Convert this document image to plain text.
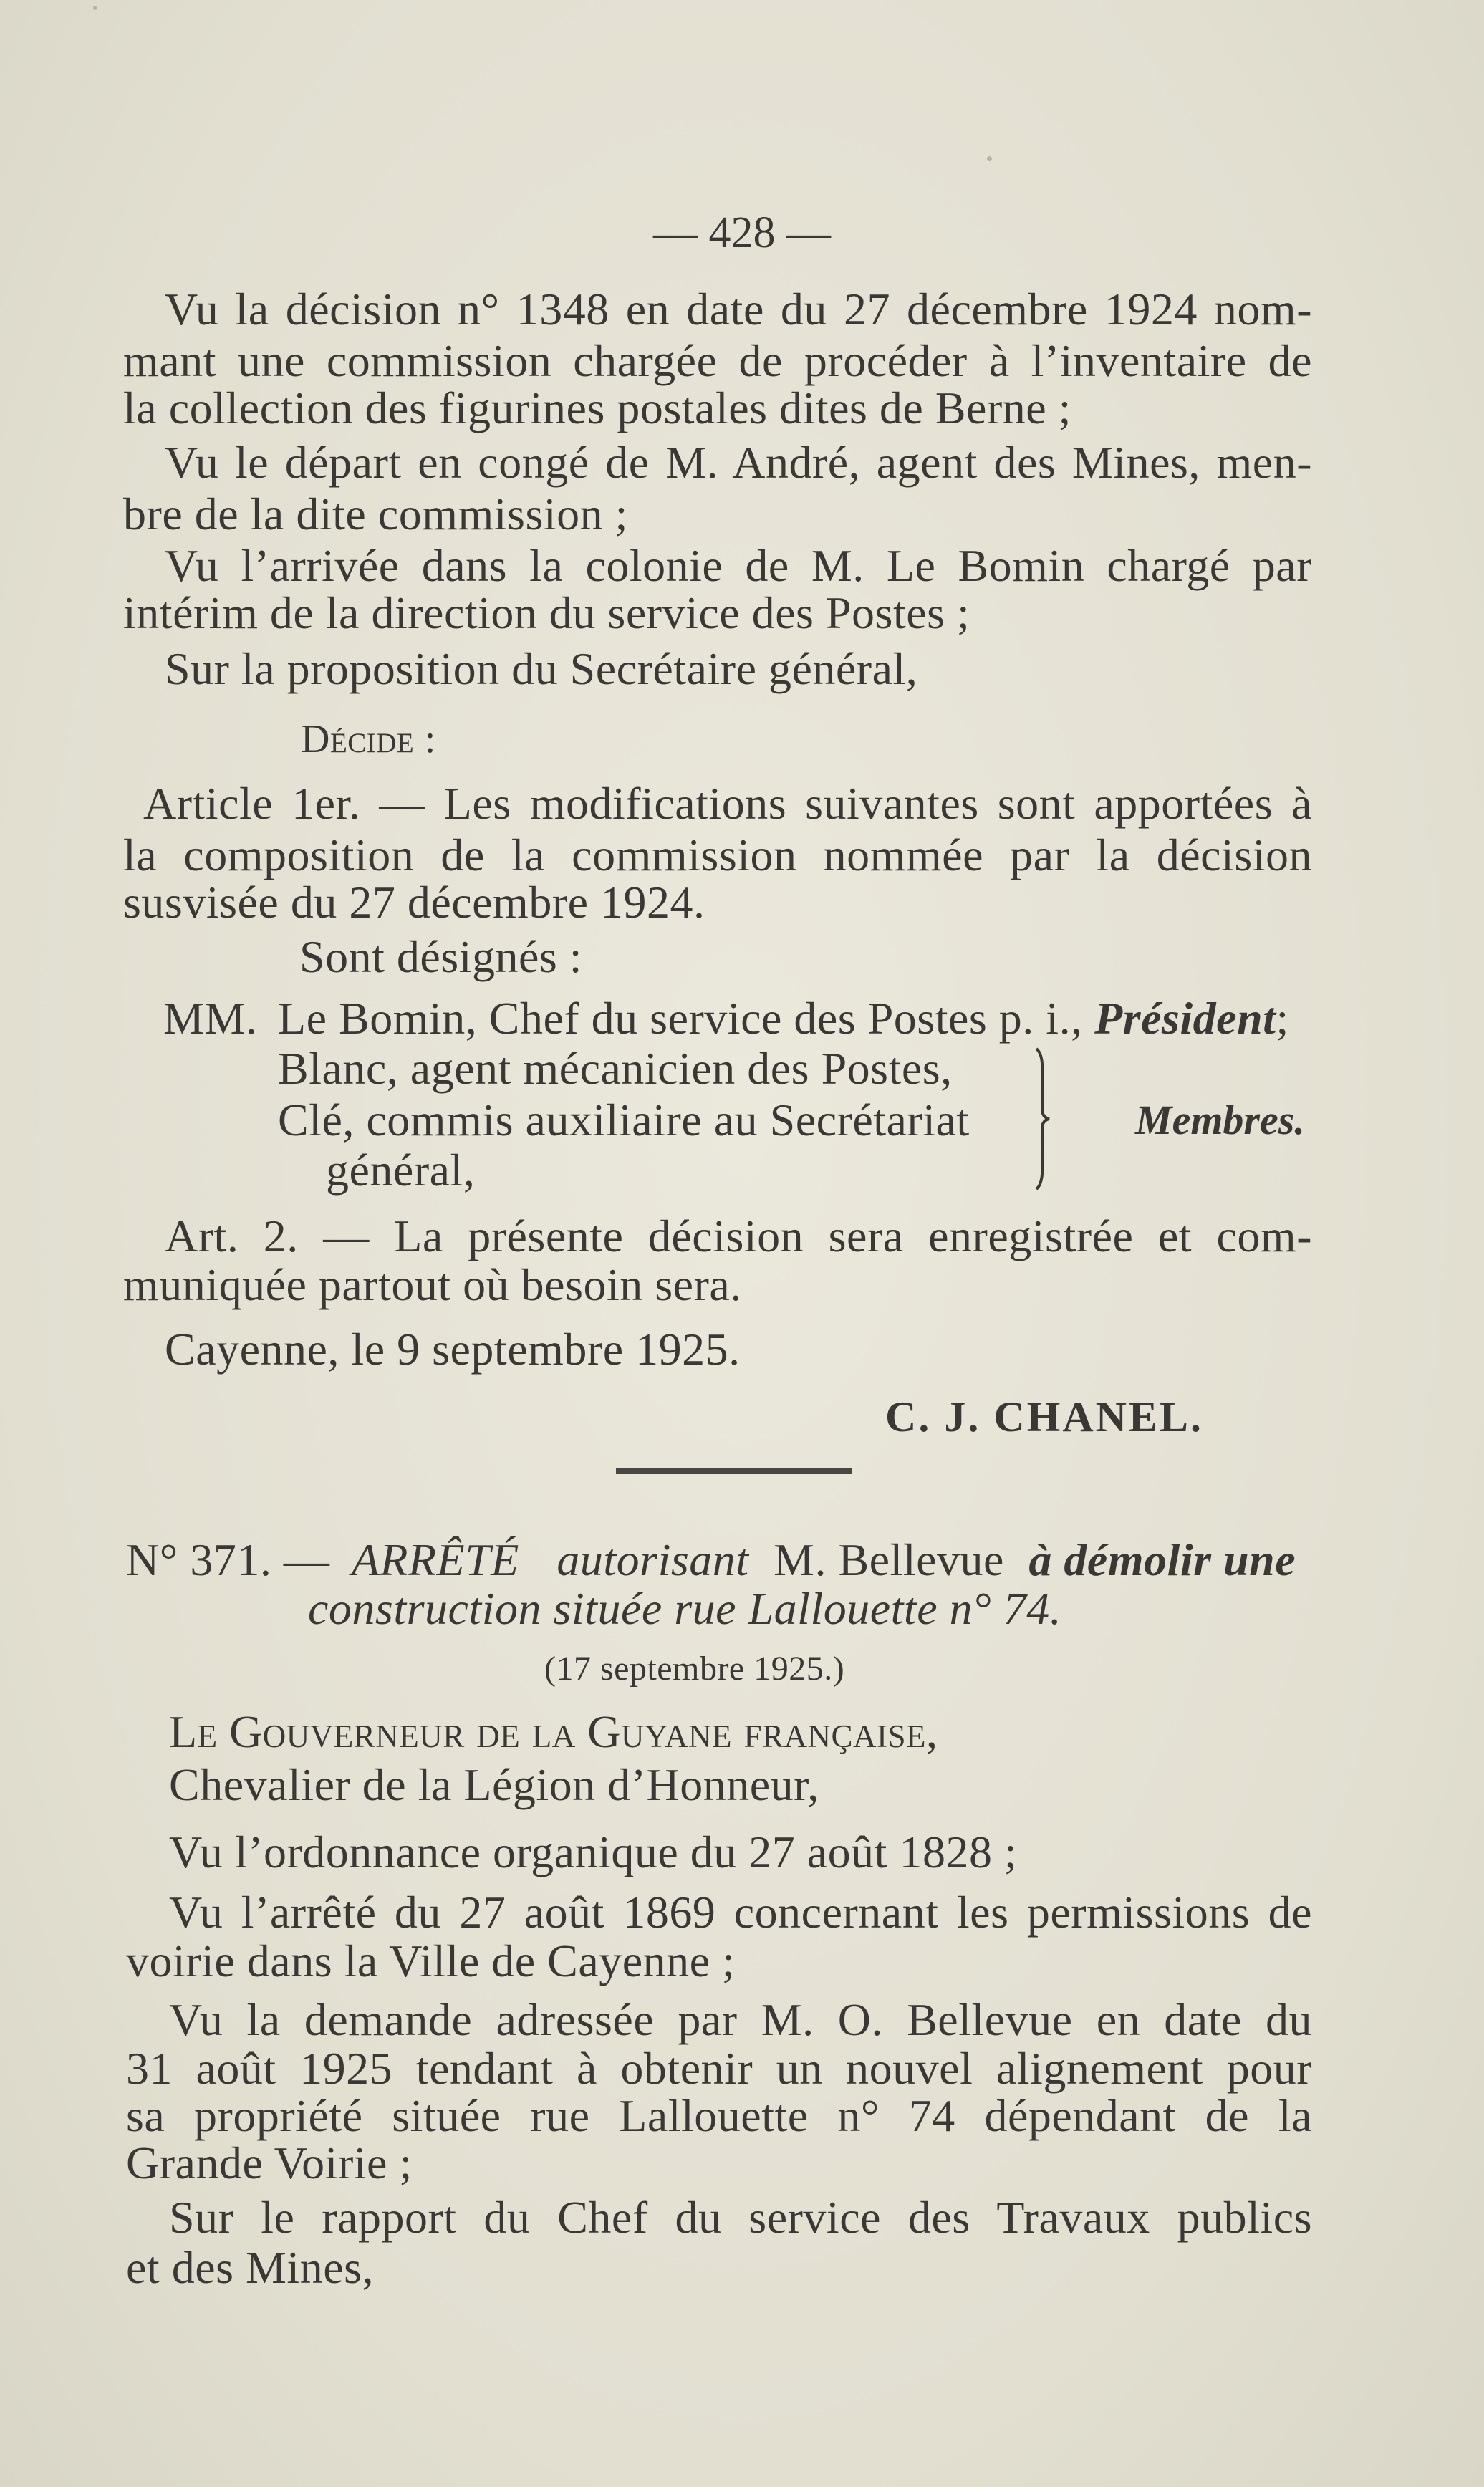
— 428 —
Vu la décision n° 1348 en date du 27 décembre 1924 nom-
mant une commission chargée de procéder à l’inventaire de
la collection des figurines postales dites de Berne ;
Vu le départ en congé de M. André, agent des Mines, men-
bre de la dite commission ;
Vu l’arrivée dans la colonie de M. Le Bomin chargé par
intérim de la direction du service des Postes ;
Sur la proposition du Secrétaire général,
Décide :
Article 1er. — Les modifications suivantes sont apportées à
la composition de la commission nommée par la décision
susvisée du 27 décembre 1924.
Sont désignés :
MM. Le Bomin, Chef du service des Postes p. i., Président;
Blanc, agent mécanicien des Postes,
Clé, commis auxiliaire au Secrétariat
général,
Membres.
Art. 2. — La présente décision sera enregistrée et com-
muniquée partout où besoin sera.
Cayenne, le 9 septembre 1925.
C. J. CHANEL.
N° 371. — ARRÊTÉ autorisant M. Bellevue à démolir une
construction située rue Lallouette n° 74.
(17 septembre 1925.)
Le Gouverneur de la Guyane française,
Chevalier de la Légion d’Honneur,
Vu l’ordonnance organique du 27 août 1828 ;
Vu l’arrêté du 27 août 1869 concernant les permissions de
voirie dans la Ville de Cayenne ;
Vu la demande adressée par M. O. Bellevue en date du
31 août 1925 tendant à obtenir un nouvel alignement pour
sa propriété située rue Lallouette n° 74 dépendant de la
Grande Voirie ;
Sur le rapport du Chef du service des Travaux publics
et des Mines,
